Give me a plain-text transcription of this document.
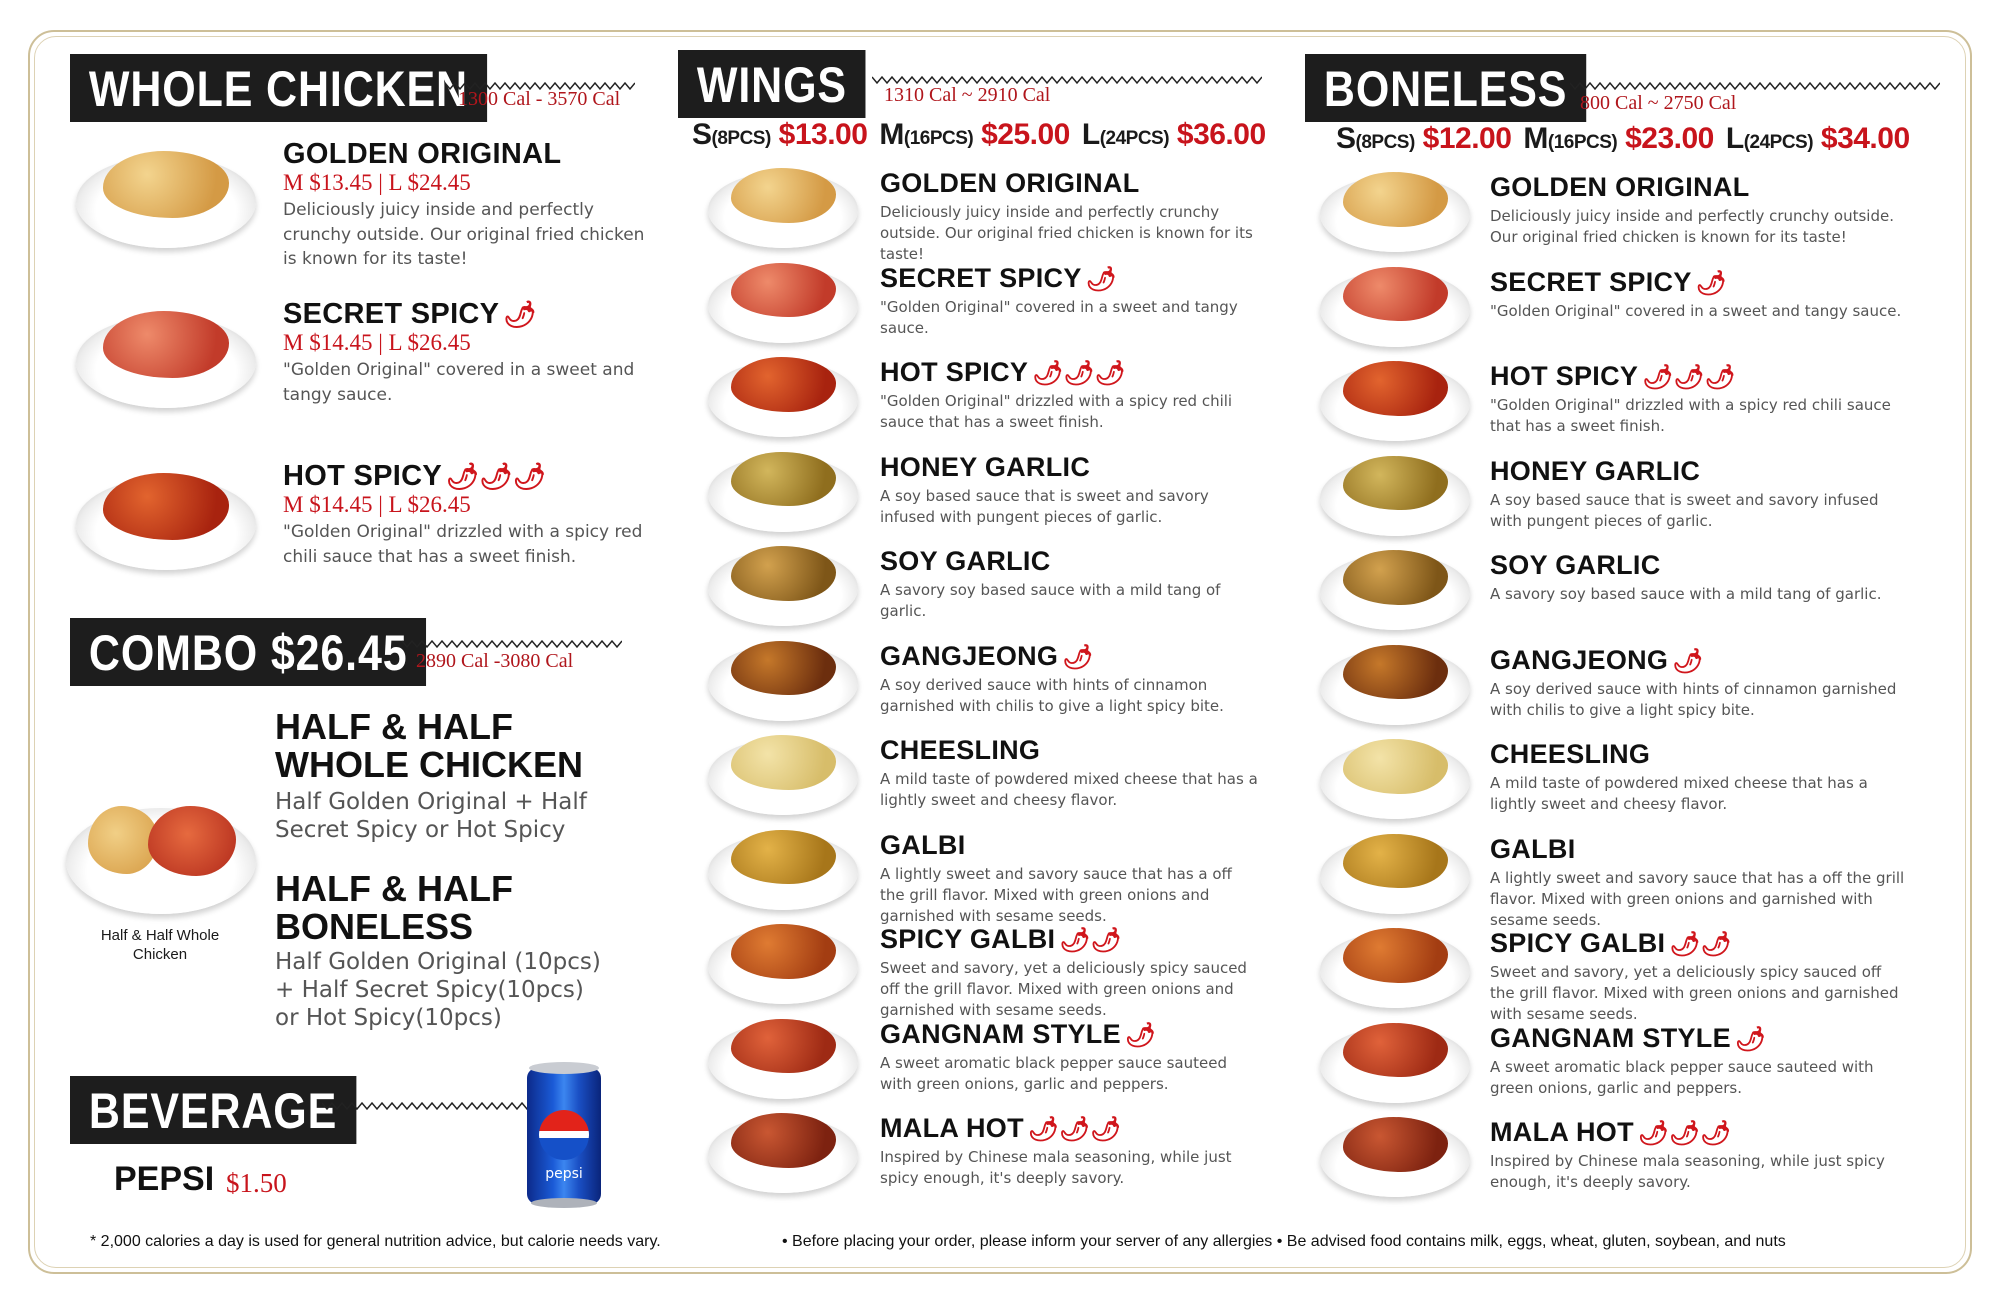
WHOLE CHICKEN
1300 Cal - 3570 Cal
GOLDEN ORIGINAL
M $13.45 | L $24.45
Deliciously juicy inside and perfectly crunchy outside. Our original fried chicken is known for its taste!
SECRET SPICY 🌶
M $14.45 | L $26.45
"Golden Original" covered in a sweet and tangy sauce.
HOT SPICY 🌶🌶🌶
M $14.45 | L $26.45
"Golden Original" drizzled with a spicy red chili sauce that has a sweet finish.
COMBO $26.45 2890 Cal -3080 Cal
Half & Half Whole Chicken
HALF & HALF WHOLE CHICKEN
Half Golden Original + Half Secret Spicy or Hot Spicy
HALF & HALF BONELESS
Half Golden Original (10pcs) + Half Secret Spicy(10pcs) or Hot Spicy(10pcs)
BEVERAGE
PEPSI $1.50	pepsi
WINGS	1310 Cal ~ 2910 Cal
S(8PCS) $13.00 M(16PCS) $25.00 L(24PCS) $36.00
GOLDEN ORIGINAL
Deliciously juicy inside and perfectly crunchy outside. Our original fried chicken is known for its taste!
SECRET SPICY 🌶
"Golden Original" covered in a sweet and tangy sauce.
HOT SPICY 🌶🌶🌶
"Golden Original" drizzled with a spicy red chili sauce that has a sweet finish.
HONEY GARLIC
A soy based sauce that is sweet and savory infused with pungent pieces of garlic.
SOY GARLIC
A savory soy based sauce with a mild tang of garlic.
GANGJEONG 🌶
A soy derived sauce with hints of cinnamon garnished with chilis to give a light spicy bite.
CHEESLING
A mild taste of powdered mixed cheese that has a lightly sweet and cheesy flavor.
GALBI
A lightly sweet and savory sauce that has a off the grill flavor. Mixed with green onions and garnished with sesame seeds.
SPICY GALBI 🌶🌶
Sweet and savory, yet a deliciously spicy sauced off the grill flavor. Mixed with green onions and garnished with sesame seeds.
GANGNAM STYLE 🌶
A sweet aromatic black pepper sauce sauteed with green onions, garlic and peppers.
MALA HOT 🌶🌶🌶
Inspired by Chinese mala seasoning, while just spicy enough, it's deeply savory.
BONELESS 800 Cal ~ 2750 Cal
S(8PCS) $12.00 M(16PCS) $23.00 L(24PCS) $34.00
GOLDEN ORIGINAL
Deliciously juicy inside and perfectly crunchy outside. Our original fried chicken is known for its taste!
SECRET SPICY 🌶
"Golden Original" covered in a sweet and tangy sauce.
HOT SPICY 🌶🌶🌶
"Golden Original" drizzled with a spicy red chili sauce that has a sweet finish.
HONEY GARLIC
A soy based sauce that is sweet and savory infused with pungent pieces of garlic.
SOY GARLIC
A savory soy based sauce with a mild tang of garlic.
GANGJEONG 🌶
A soy derived sauce with hints of cinnamon garnished with chilis to give a light spicy bite.
CHEESLING
A mild taste of powdered mixed cheese that has a lightly sweet and cheesy flavor.
GALBI
A lightly sweet and savory sauce that has a off the grill flavor. Mixed with green onions and garnished with sesame seeds.
SPICY GALBI 🌶🌶
Sweet and savory, yet a deliciously spicy sauced off the grill flavor. Mixed with green onions and garnished with sesame seeds.
GANGNAM STYLE 🌶
A sweet aromatic black pepper sauce sauteed with green onions, garlic and peppers.
MALA HOT 🌶🌶🌶
Inspired by Chinese mala seasoning, while just spicy enough, it's deeply savory.
* 2,000 calories a day is used for general nutrition advice, but calorie needs vary.	• Before placing your order, please inform your server of any allergies • Be advised food contains milk, eggs, wheat, gluten, soybean, and nuts
